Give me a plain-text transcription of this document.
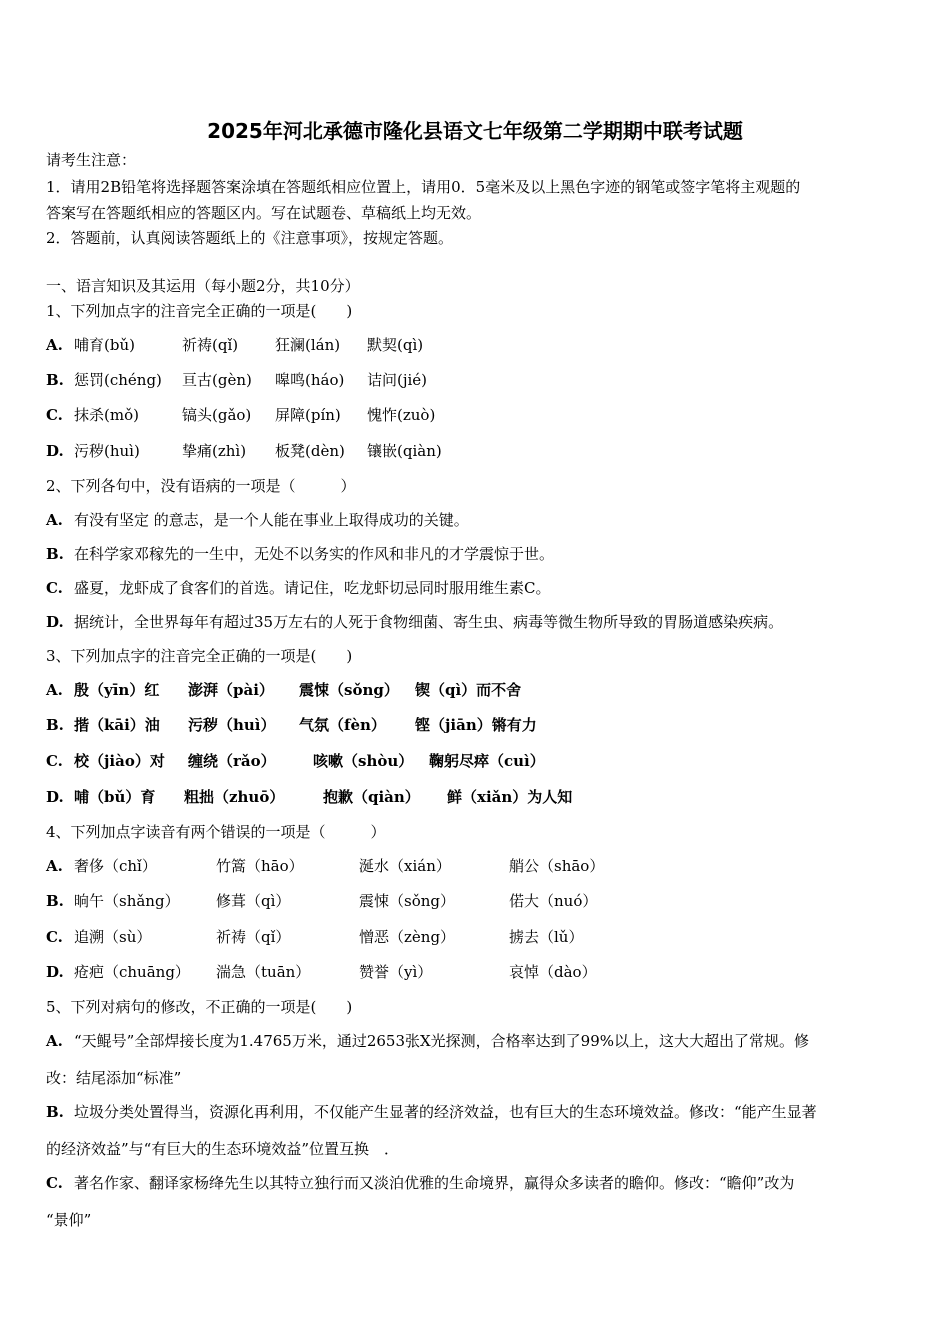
2025年河北承德市隆化县语文七年级第二学期期中联考试题
请考生注意：
1．请用2B铅笔将选择题答案涂填在答题纸相应位置上，请用0．5毫米及以上黑色字迹的钢笔或签字笔将主观题的
答案写在答题纸相应的答题区内。写在试题卷、草稿纸上均无效。
2．答题前，认真阅读答题纸上的《注意事项》，按规定答题。
一、语言知识及其运用（每小题2分，共10分）
1、下列加点字的注音完全正确的一项是(　　)
A. 哺育(bǔ)	祈祷(qǐ) 狂澜(lán) 默契(qì)
B. 惩罚(chéng) 亘古(gèn) 嗥鸣(háo) 诘问(jié)
C. 抹杀(mǒ)	镐头(gǎo) 屏障(pín) 愧怍(zuò)
D. 污秽(huì)	挚痛(zhì) 板凳(dèn) 镶嵌(qiàn)
2、下列各句中，没有语病的一项是（　　　）
A. 有没有坚定 的意志，是一个人能在事业上取得成功的关键。
B. 在科学家邓稼先的一生中，无处不以务实的作风和非凡的才学震惊于世。
C. 盛夏，龙虾成了食客们的首选。请记住，吃龙虾切忌同时服用维生素C。
D. 据统计，全世界每年有超过35万左右的人死于食物细菌、寄生虫、病毒等微生物所导致的胃肠道感染疾病。
3、下列加点字的注音完全正确的一项是(　　)
A. 殷（yīn）红 澎湃（pài） 震悚（sǒng） 锲（qì）而不舍
B. 揩（kāi）油 污秽（huì） 气氛（fèn） 铿（jiān）锵有力
C. 校（jiào）对 缠绕（rǎo） 咳嗽（shòu） 鞠躬尽瘁（cuì）
D. 哺（bǔ）育 粗拙（zhuō）	抱歉（qiàn） 鲜（xiǎn）为人知
4、下列加点字读音有两个错误的一项是（　　　）
A. 奢侈（chǐ）	竹篙（hāo）	涎水（xián）	艄公（shāo）
B. 晌午（shǎng） 修葺（qì）	震悚（sǒng）	偌大（nuó）
C. 追溯（sù）	祈祷（qǐ）	憎恶（zèng）	掳去（lǔ）
D. 疮疤（chuāng） 湍急（tuān）	赞誉（yì）	哀悼（dào）
5、下列对病句的修改，不正确的一项是(　　)
A. “天鲲号”全部焊接长度为1.4765万米，通过2653张X光探测，合格率达到了99%以上，这大大超出了常规。修
改：结尾添加“标准”
B. 垃圾分类处置得当，资源化再利用，不仅能产生显著的经济效益，也有巨大的生态环境效益。修改：“能产生显著
的经济效益”与“有巨大的生态环境效益”位置互换　．
C. 著名作家、翻译家杨绛先生以其特立独行而又淡泊优雅的生命境界，赢得众多读者的瞻仰。修改：“瞻仰”改为
“景仰”
